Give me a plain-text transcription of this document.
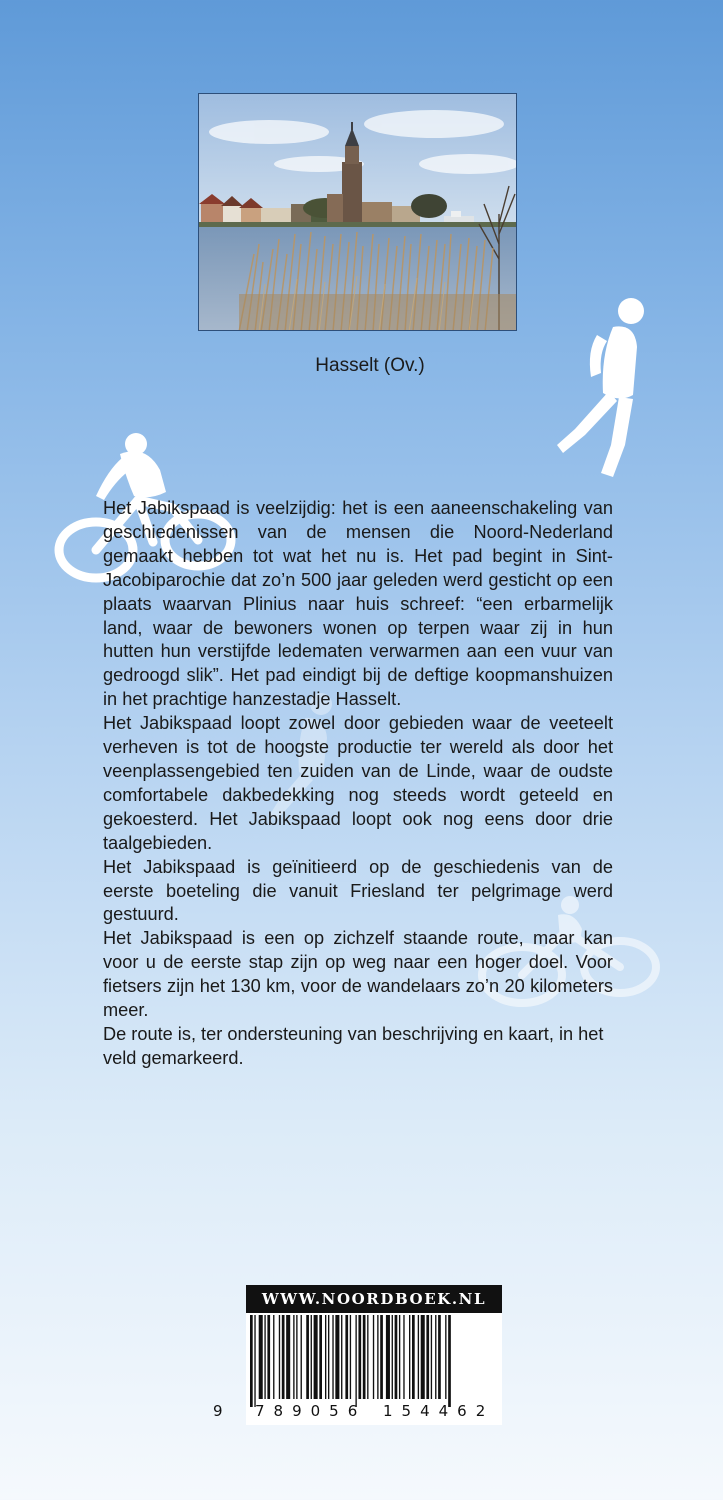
Hasselt (Ov.)

Het Jabikspaad is veelzijdig: het is een aaneenschakeling van geschiedenissen van de mensen die Noord-Nederland gemaakt hebben tot wat het nu is. Het pad begint in Sint-Jacobiparochie dat zo’n 500 jaar geleden werd gesticht op een plaats waarvan Plinius naar huis schreef: “een erbarmelijk land, waar de bewoners wonen op terpen waar zij in hun hutten hun verstijfde ledematen verwarmen aan een vuur van gedroogd slik”. Het pad eindigt bij de deftige koopmanshuizen in het prachtige hanzestadje Hasselt.

Het Jabikspaad loopt zowel door gebieden waar de veeteelt verheven is tot de hoogste productie ter wereld als door het veenplassengebied ten zuiden van de Linde, waar de oudste comfortabele dakbedekking nog steeds wordt geteeld en gekoesterd. Het Jabikspaad loopt ook nog eens door drie taalgebieden.

Het Jabikspaad is geïnitieerd op de geschiedenis van de eerste boeteling die vanuit Friesland ter pelgrimage werd gestuurd.

Het Jabikspaad is een op zichzelf staande route, maar kan voor u de eerste stap zijn op weg naar een hoger doel. Voor fietsers zijn het 130 km, voor de wandelaars zo’n 20 kilometers meer.

De route is, ter ondersteuning van beschrijving en kaart, in het veld gemarkeerd.

WWW.NOORDBOEK.NL
9 789056 154462
